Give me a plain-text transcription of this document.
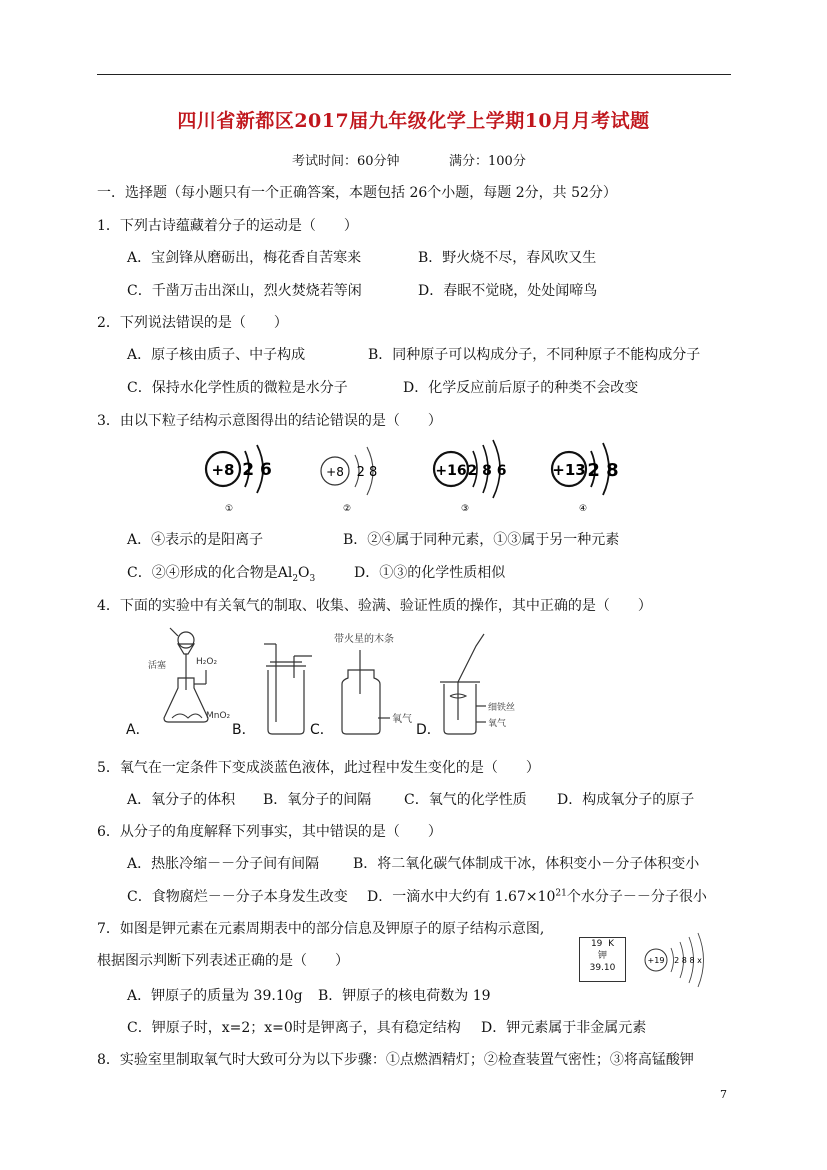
四川省新都区2017届九年级化学上学期10月月考试题
考试时间：60分钟	满分：100分
一．选择题（每小题只有一个正确答案，本题包括 26个小题，每题 2分，共 52分）
1．下列古诗蕴藏着分子的运动是（　　）
A．宝剑锋从磨砺出，梅花香自苦寒来	B．野火烧不尽，春风吹又生
C．千凿万击出深山，烈火焚烧若等闲	D．春眠不觉晓，处处闻啼鸟
2．下列说法错误的是（　　）
A．原子核由质子、中子构成	B．同种原子可以构成分子，不同种原子不能构成分子
C．保持水化学性质的微粒是水分子	D．化学反应前后原子的种类不会改变
3．由以下粒子结构示意图得出的结论错误的是（　　）
+8 2 6
①
+8 2 8
②
+16 2 8 6
③
+13 2 8
④
A．④表示的是阳离子	B．②④属于同种元素，①③属于另一种元素
C．②④形成的化合物是$Al_2O_3$	D．①③的化学性质相似
4．下面的实验中有关氧气的制取、收集、验满、验证性质的操作，其中正确的是（　　）
活塞	H₂O₂
MnO₂
A．	B．
带火星的木条
氧气
C．
细铁丝
氧气
D．
5．氧气在一定条件下变成淡蓝色液体，此过程中发生变化的是（　　）
A．氧分子的体积 B．氧分子的间隔 C．氧气的化学性质 D．构成氧分子的原子
6．从分子的角度解释下列事实，其中错误的是（　　）
A．热胀冷缩－－分子间有间隔 B．将二氧化碳气体制成干冰，体积变小－分子体积变小
C．食物腐烂－－分子本身发生改变 D．一滴水中大约有 $1.67\times 10^{21}$个水分子－－分子很小
7．如图是钾元素在元素周期表中的部分信息及钾原子的原子结构示意图,
根据图示判断下列表述正确的是（　　）
19 K
钾
39.10
+19 2 8 8 x
A．钾原子的质量为 39.10g B．钾原子的核电荷数为 19
C．钾原子时，x=2；x=0时是钾离子，具有稳定结构 D．钾元素属于非金属元素
8．实验室里制取氧气时大致可分为以下步骤：①点燃酒精灯；②检查装置气密性；③将高锰酸钾
7
